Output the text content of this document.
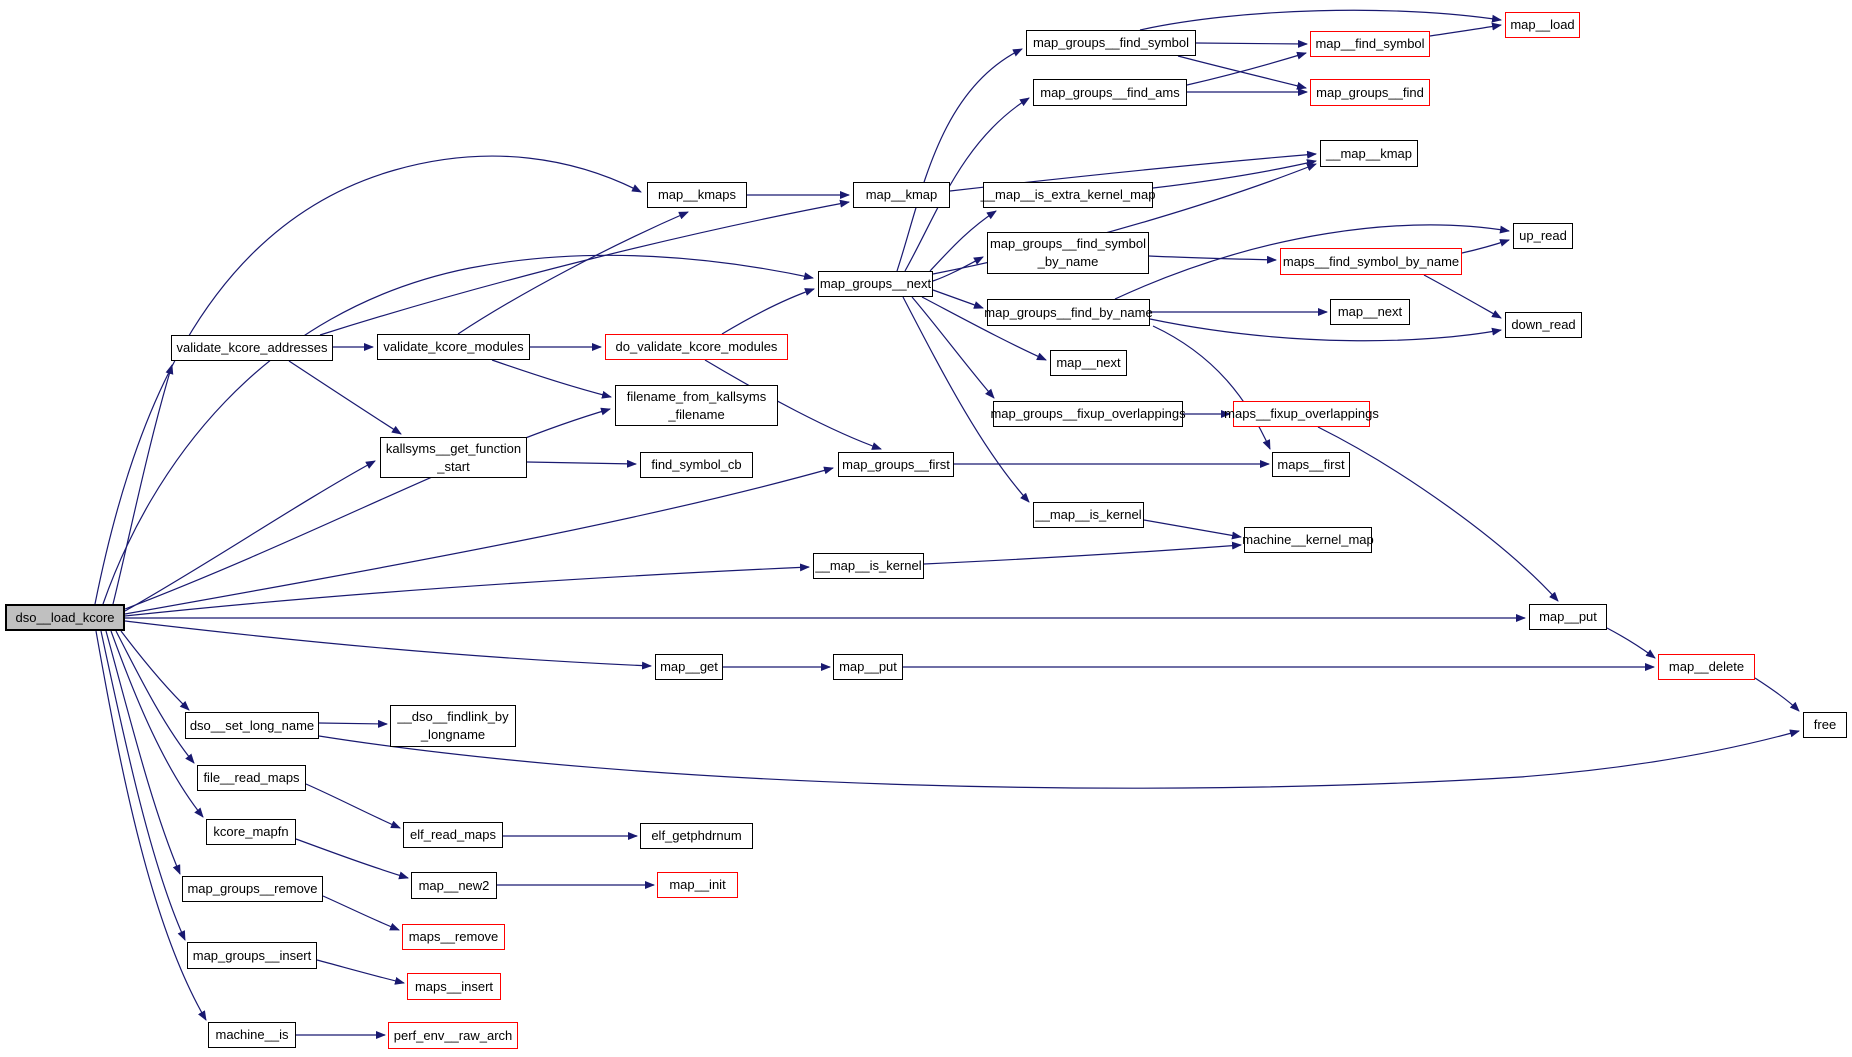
dso__load_kcore
validate_kcore_addresses	validate_kcore_modules	do_validate_kcore_modules
filename_from_kallsyms
_filename
kallsyms__get_function
_start	find_symbol_cb
map__kmaps	map__kmap
map_groups__next
map_groups__find_symbol
map_groups__find_ams
__map__is_extra_kernel_map
map_groups__find_symbol
_by_name
map_groups__find_by_name
map__next
map_groups__fixup_overlappings
__map__is_kernel
map_groups__first
__map__is_kernel
map__get	map__put
map__find_symbol
map_groups__find
__map__kmap
maps__find_symbol_by_name
map__next
maps__fixup_overlappings
maps__first
machine__kernel_map
map__load
up_read
down_read
map__put
map__delete
free
dso__set_long_name
__dso__findlink_by
_longname
file__read_maps
kcore_mapfn	elf_read_maps	elf_getphdrnum
map__new2	map__init
maps__remove
map_groups__remove
map_groups__insert
maps__insert
machine__is	perf_env__raw_arch
